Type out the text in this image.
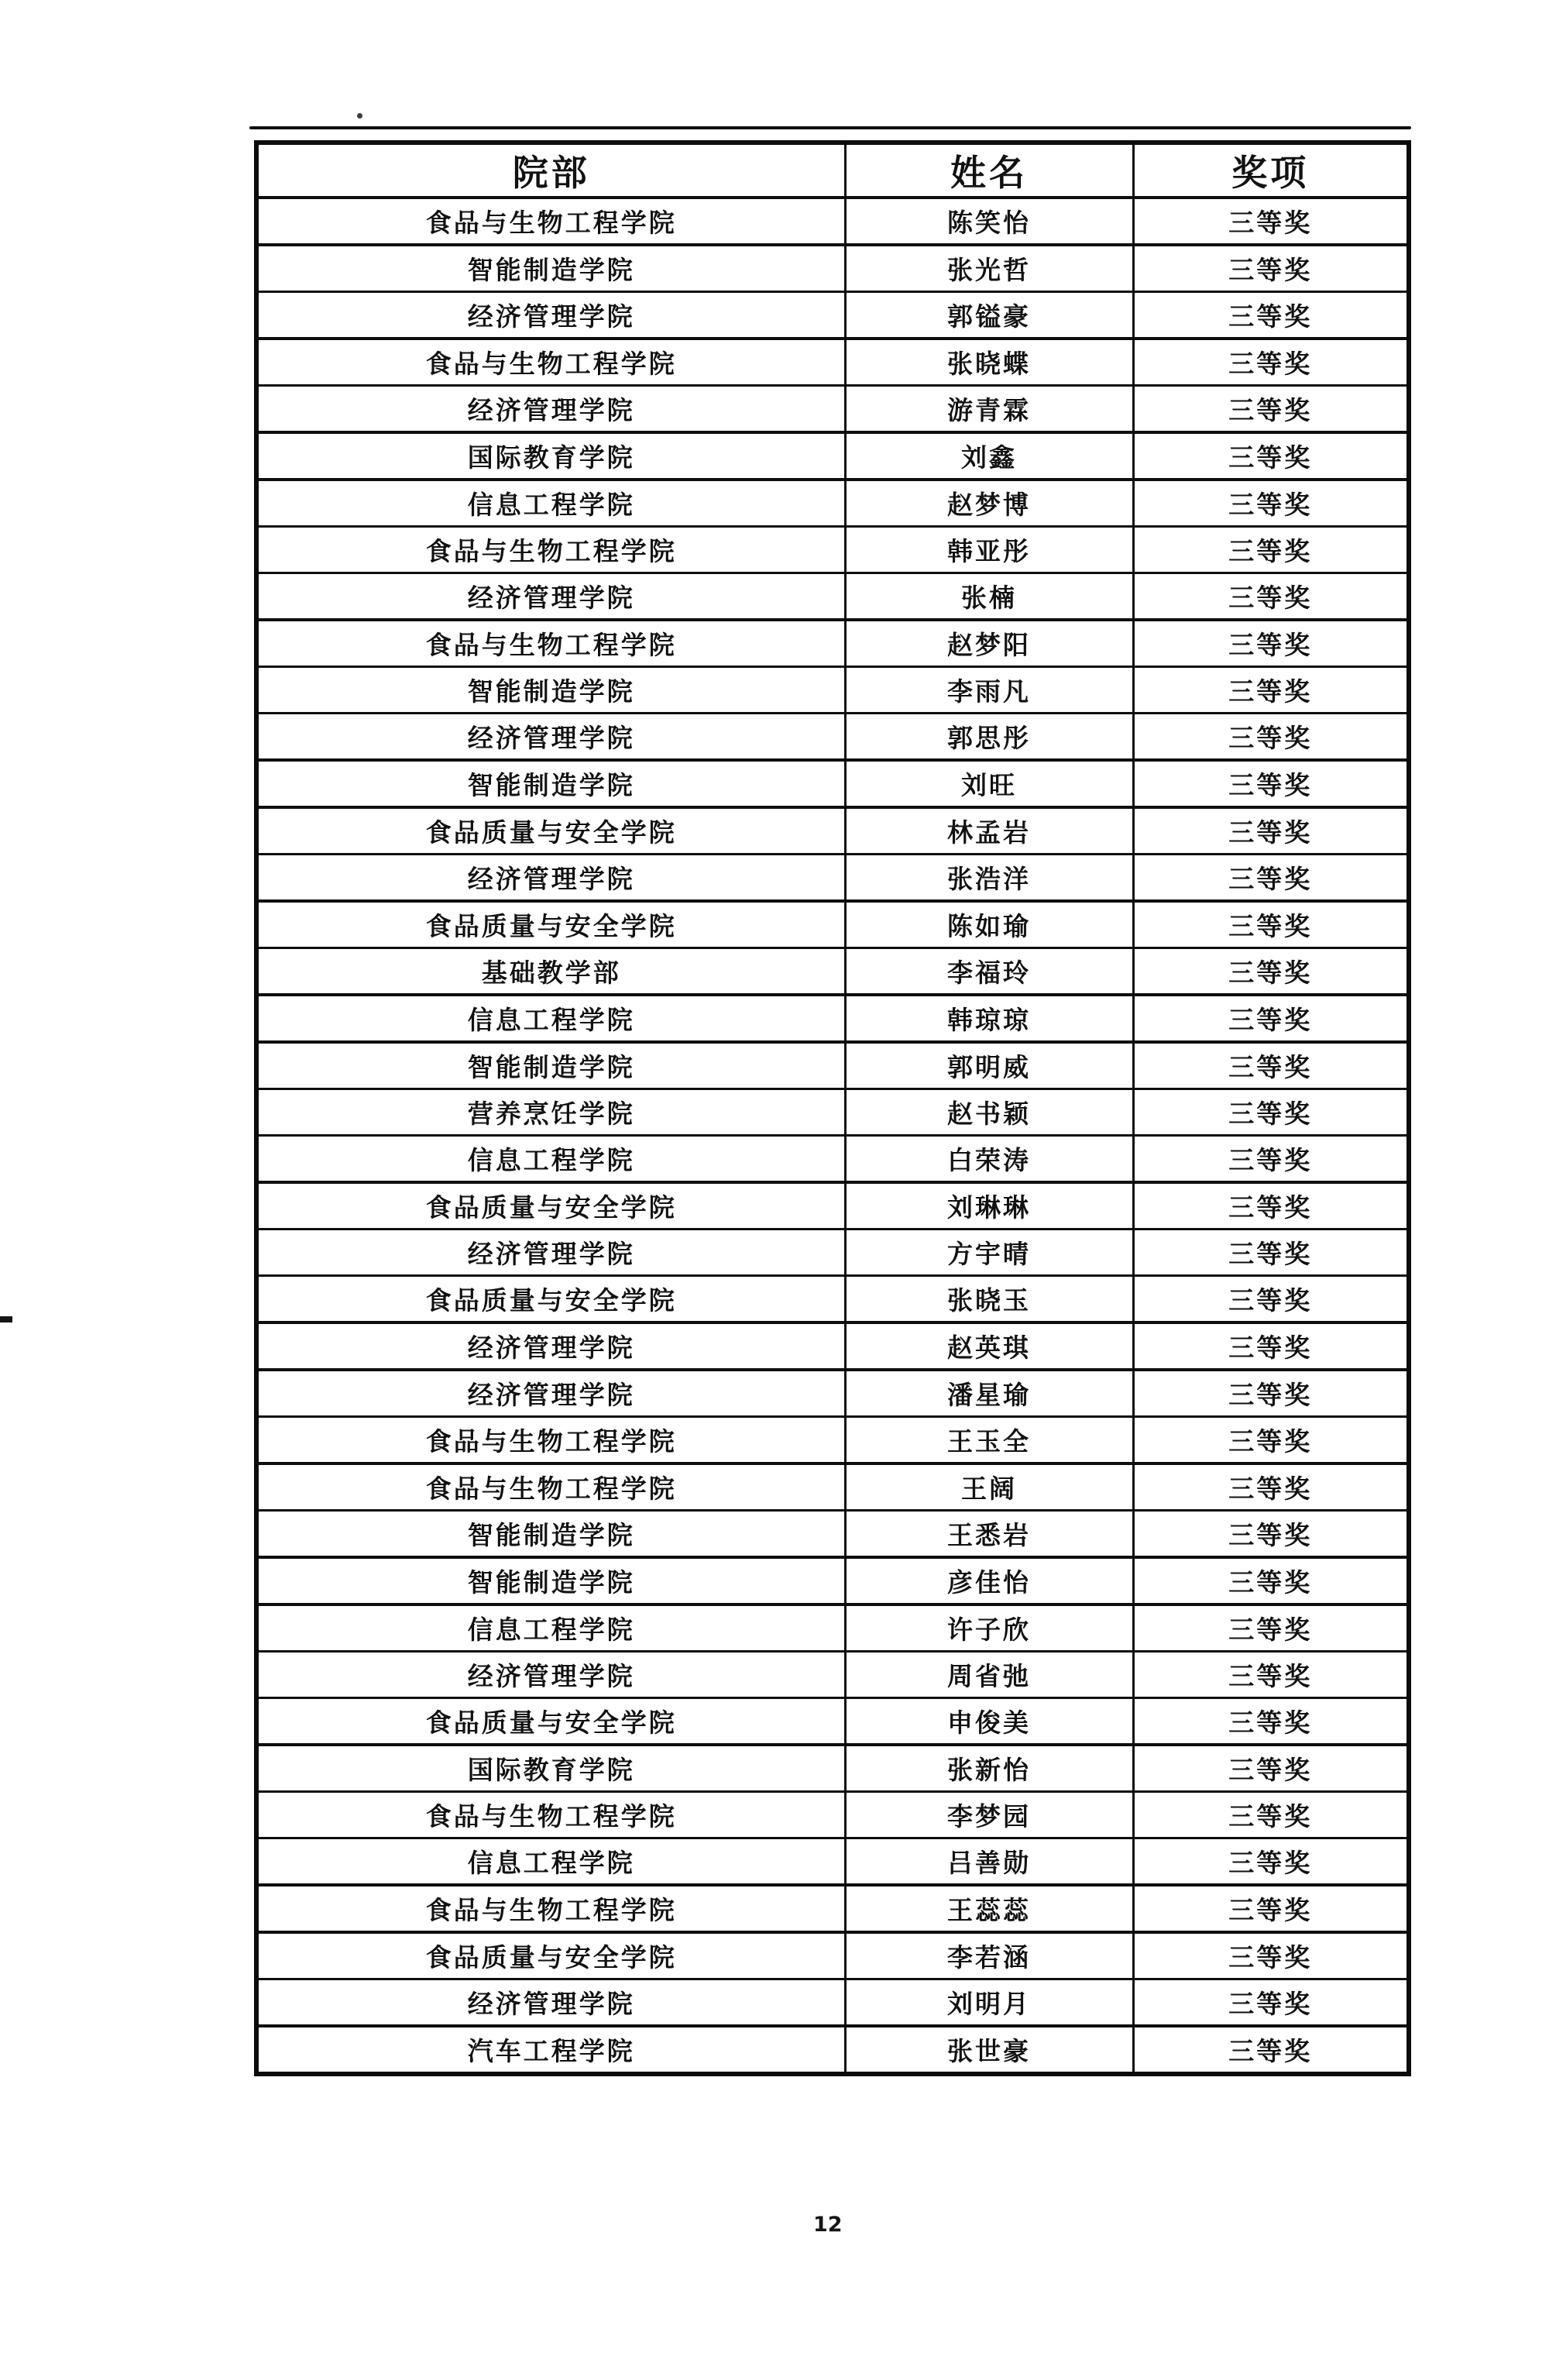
院部	姓名	奖项
食品与生物工程学院	陈笑怡	三等奖
智能制造学院	张光哲	三等奖
经济管理学院	郭镒豪	三等奖
食品与生物工程学院	张晓蝶	三等奖
经济管理学院	游青霖	三等奖
国际教育学院	刘鑫	三等奖
信息工程学院	赵梦博	三等奖
食品与生物工程学院	韩亚彤	三等奖
经济管理学院	张楠	三等奖
食品与生物工程学院	赵梦阳	三等奖
智能制造学院	李雨凡	三等奖
经济管理学院	郭思彤	三等奖
智能制造学院	刘旺	三等奖
食品质量与安全学院	林孟岩	三等奖
经济管理学院	张浩洋	三等奖
食品质量与安全学院	陈如瑜	三等奖
基础教学部	李福玲	三等奖
信息工程学院	韩琼琼	三等奖
智能制造学院	郭明威	三等奖
营养烹饪学院	赵书颖	三等奖
信息工程学院	白荣涛	三等奖
食品质量与安全学院	刘琳琳	三等奖
经济管理学院	方宇晴	三等奖
食品质量与安全学院	张晓玉	三等奖
经济管理学院	赵英琪	三等奖
经济管理学院	潘星瑜	三等奖
食品与生物工程学院	王玉全	三等奖
食品与生物工程学院	王阔	三等奖
智能制造学院	王悉岩	三等奖
智能制造学院	彦佳怡	三等奖
信息工程学院	许子欣	三等奖
经济管理学院	周省弛	三等奖
食品质量与安全学院	申俊美	三等奖
国际教育学院	张新怡	三等奖
食品与生物工程学院	李梦园	三等奖
信息工程学院	吕善勋	三等奖
食品与生物工程学院	王蕊蕊	三等奖
食品质量与安全学院	李若涵	三等奖
经济管理学院	刘明月	三等奖
汽车工程学院	张世豪	三等奖
12
